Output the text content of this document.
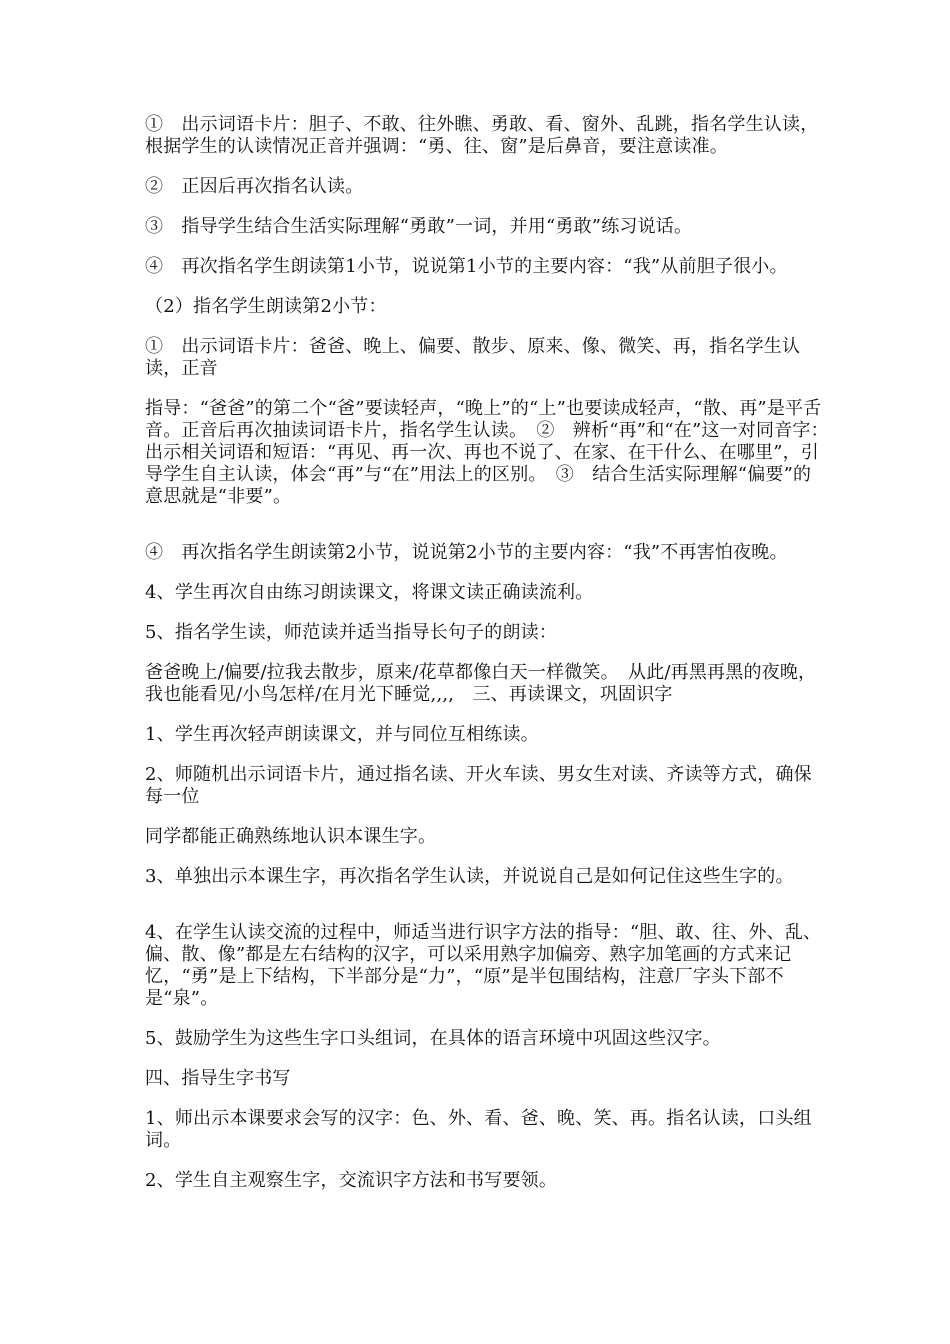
①　出示词语卡片：胆子、不敢、往外瞧、勇敢、看、窗外、乱跳，指名学生认读，根据学生的认读情况正音并强调：“勇、往、窗”是后鼻音，要注意读准。

②　正因后再次指名认读。

③　指导学生结合生活实际理解“勇敢”一词，并用“勇敢”练习说话。

④　再次指名学生朗读第1小节，说说第1小节的主要内容：“我”从前胆子很小。

（2）指名学生朗读第2小节：

①　出示词语卡片：爸爸、晚上、偏要、散步、原来、像、微笑、再，指名学生认读，正音

指导：“爸爸”的第二个“爸”要读轻声，“晚上”的“上”也要读成轻声，“散、再”是平舌音。正音后再次抽读词语卡片，指名学生认读。　②　辨析“再”和“在”这一对同音字：　出示相关词语和短语：“再见、再一次、再也不说了、在家、在干什么、在哪里”，引导学生自主认读，体会“再”与“在”用法上的区别。　③　结合生活实际理解“偏要”的意思就是“非要”。

④　再次指名学生朗读第2小节，说说第2小节的主要内容：“我”不再害怕夜晚。

4、学生再次自由练习朗读课文，将课文读正确读流利。

5、指名学生读，师范读并适当指导长句子的朗读：

爸爸晚上/偏要/拉我去散步，原来/花草都像白天一样微笑。　从此/再黑再黑的夜晚，我也能看见/小鸟怎样/在月光下睡觉,,,,　三、再读课文，巩固识字

1、学生再次轻声朗读课文，并与同位互相练读。

2、师随机出示词语卡片，通过指名读、开火车读、男女生对读、齐读等方式，确保每一位

同学都能正确熟练地认识本课生字。

3、单独出示本课生字，再次指名学生认读，并说说自己是如何记住这些生字的。

4、在学生认读交流的过程中，师适当进行识字方法的指导：“胆、敢、往、外、乱、偏、散、像”都是左右结构的汉字，可以采用熟字加偏旁、熟字加笔画的方式来记忆，“勇”是上下结构，下半部分是“力”，“原”是半包围结构，注意厂字头下部不是“泉”。

5、鼓励学生为这些生字口头组词，在具体的语言环境中巩固这些汉字。

四、指导生字书写

1、师出示本课要求会写的汉字：色、外、看、爸、晚、笑、再。指名认读，口头组词。

2、学生自主观察生字，交流识字方法和书写要领。
